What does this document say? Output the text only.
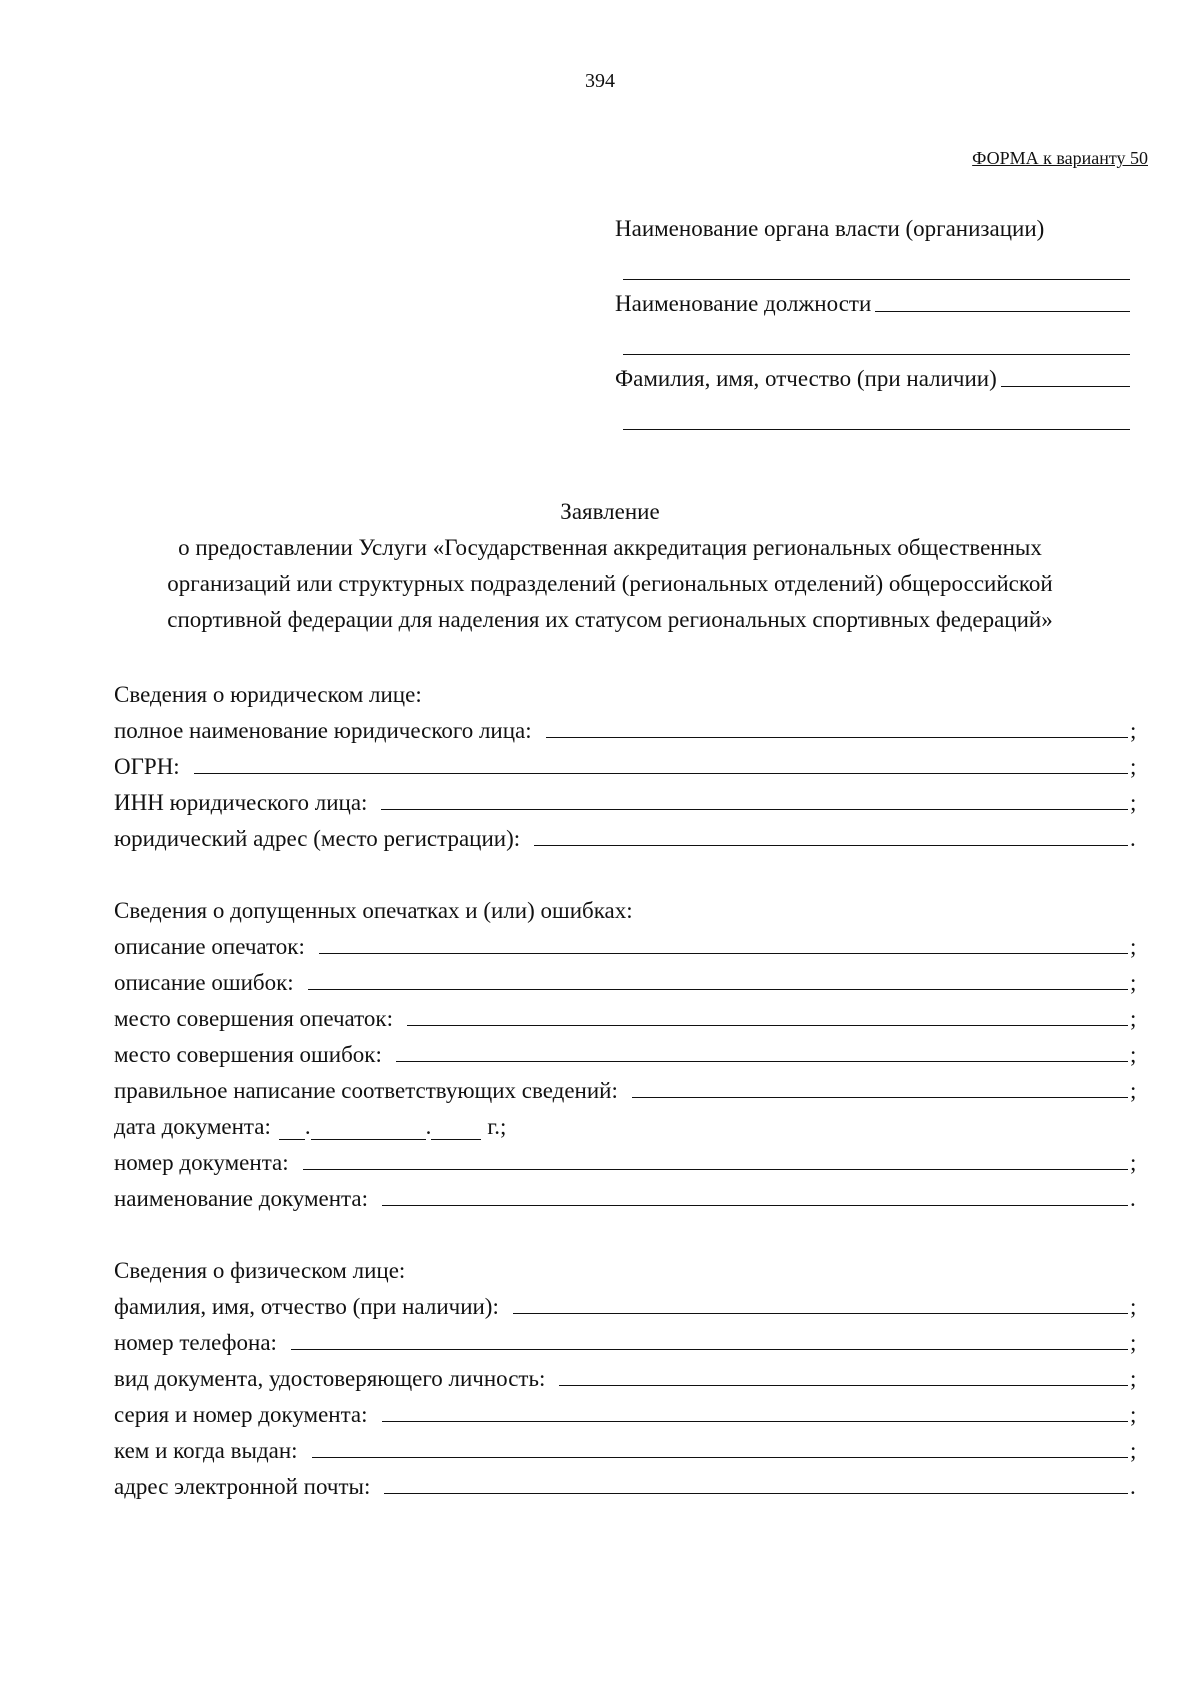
394
ФОРМА к варианту 50
Наименование органа власти (организации)
Наименование должности
Фамилия, имя, отчество (при наличии)
Заявление
о предоставлении Услуги «Государственная аккредитация региональных общественных
организаций или структурных подразделений (региональных отделений) общероссийской
спортивной федерации для наделения их статусом региональных спортивных федераций»
Сведения о юридическом лице:
полное наименование юридического лица:	;
ОГРН:	;
ИНН юридического лица:	;
юридический адрес (место регистрации):	.
Сведения о допущенных опечатках и (или) ошибках:
описание опечаток:	;
описание ошибок:	;
место совершения опечаток:	;
место совершения ошибок:	;
правильное написание соответствующих сведений:	;
дата документа: .	. г.;
номер документа:	;
наименование документа:	.
Сведения о физическом лице:
фамилия, имя, отчество (при наличии):	;
номер телефона:	;
вид документа, удостоверяющего личность:	;
серия и номер документа:	;
кем и когда выдан:	;
адрес электронной почты:	.
